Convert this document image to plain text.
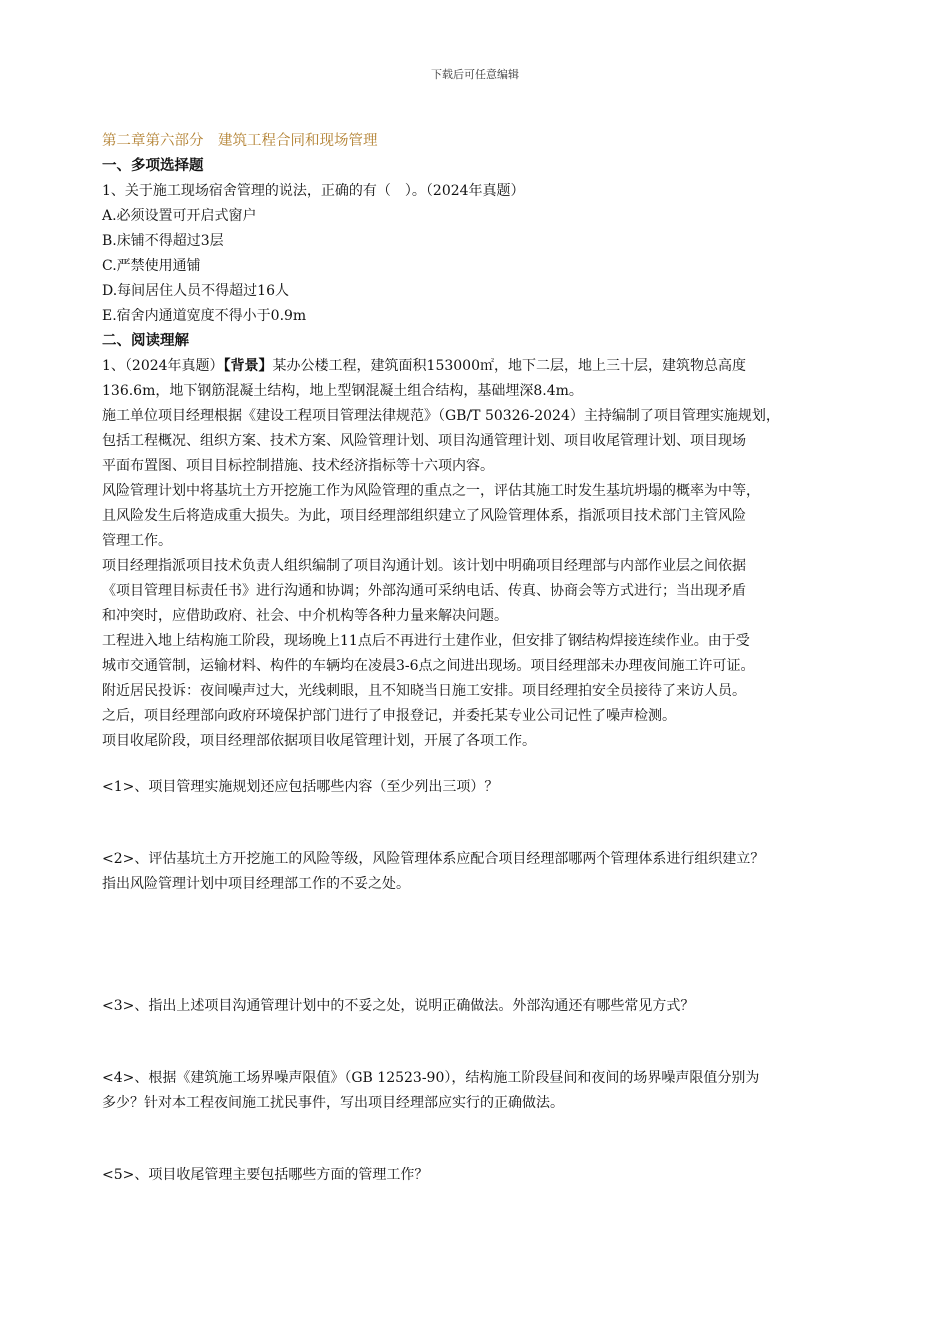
下载后可任意编辑
第二章第六部分　建筑工程合同和现场管理
一、多项选择题
1、关于施工现场宿舍管理的说法，正确的有（　）。（2024年真题）
A.必须设置可开启式窗户
B.床铺不得超过3层
C.严禁使用通铺
D.每间居住人员不得超过16人
E.宿舍内通道宽度不得小于0.9m
二、阅读理解
1、（2024年真题）【背景】某办公楼工程，建筑面积153000㎡，地下二层，地上三十层，建筑物总高度
136.6m，地下钢筋混凝土结构，地上型钢混凝土组合结构，基础埋深8.4m。
施工单位项目经理根据《建设工程项目管理法律规范》（GB/T 50326-2024）主持编制了项目管理实施规划，
包括工程概况、组织方案、技术方案、风险管理计划、项目沟通管理计划、项目收尾管理计划、项目现场
平面布置图、项目目标控制措施、技术经济指标等十六项内容。
风险管理计划中将基坑土方开挖施工作为风险管理的重点之一，评估其施工时发生基坑坍塌的概率为中等，
且风险发生后将造成重大损失。为此，项目经理部组织建立了风险管理体系，指派项目技术部门主管风险
管理工作。
项目经理指派项目技术负责人组织编制了项目沟通计划。该计划中明确项目经理部与内部作业层之间依据
《项目管理目标责任书》进行沟通和协调；外部沟通可采纳电话、传真、协商会等方式进行；当出现矛盾
和冲突时，应借助政府、社会、中介机构等各种力量来解决问题。
工程进入地上结构施工阶段，现场晚上11点后不再进行土建作业，但安排了钢结构焊接连续作业。由于受
城市交通管制，运输材料、构件的车辆均在凌晨3-6点之间进出现场。项目经理部未办理夜间施工许可证。
附近居民投诉：夜间噪声过大，光线刺眼，且不知晓当日施工安排。项目经理拍安全员接待了来访人员。
之后，项目经理部向政府环境保护部门进行了申报登记，并委托某专业公司记性了噪声检测。
项目收尾阶段，项目经理部依据项目收尾管理计划，开展了各项工作。
<1>、项目管理实施规划还应包括哪些内容（至少列出三项）？
<2>、评估基坑土方开挖施工的风险等级，风险管理体系应配合项目经理部哪两个管理体系进行组织建立？
指出风险管理计划中项目经理部工作的不妥之处。
<3>、指出上述项目沟通管理计划中的不妥之处，说明正确做法。外部沟通还有哪些常见方式？
<4>、根据《建筑施工场界噪声限值》（GB 12523-90），结构施工阶段昼间和夜间的场界噪声限值分别为
多少？针对本工程夜间施工扰民事件，写出项目经理部应实行的正确做法。
<5>、项目收尾管理主要包括哪些方面的管理工作？
